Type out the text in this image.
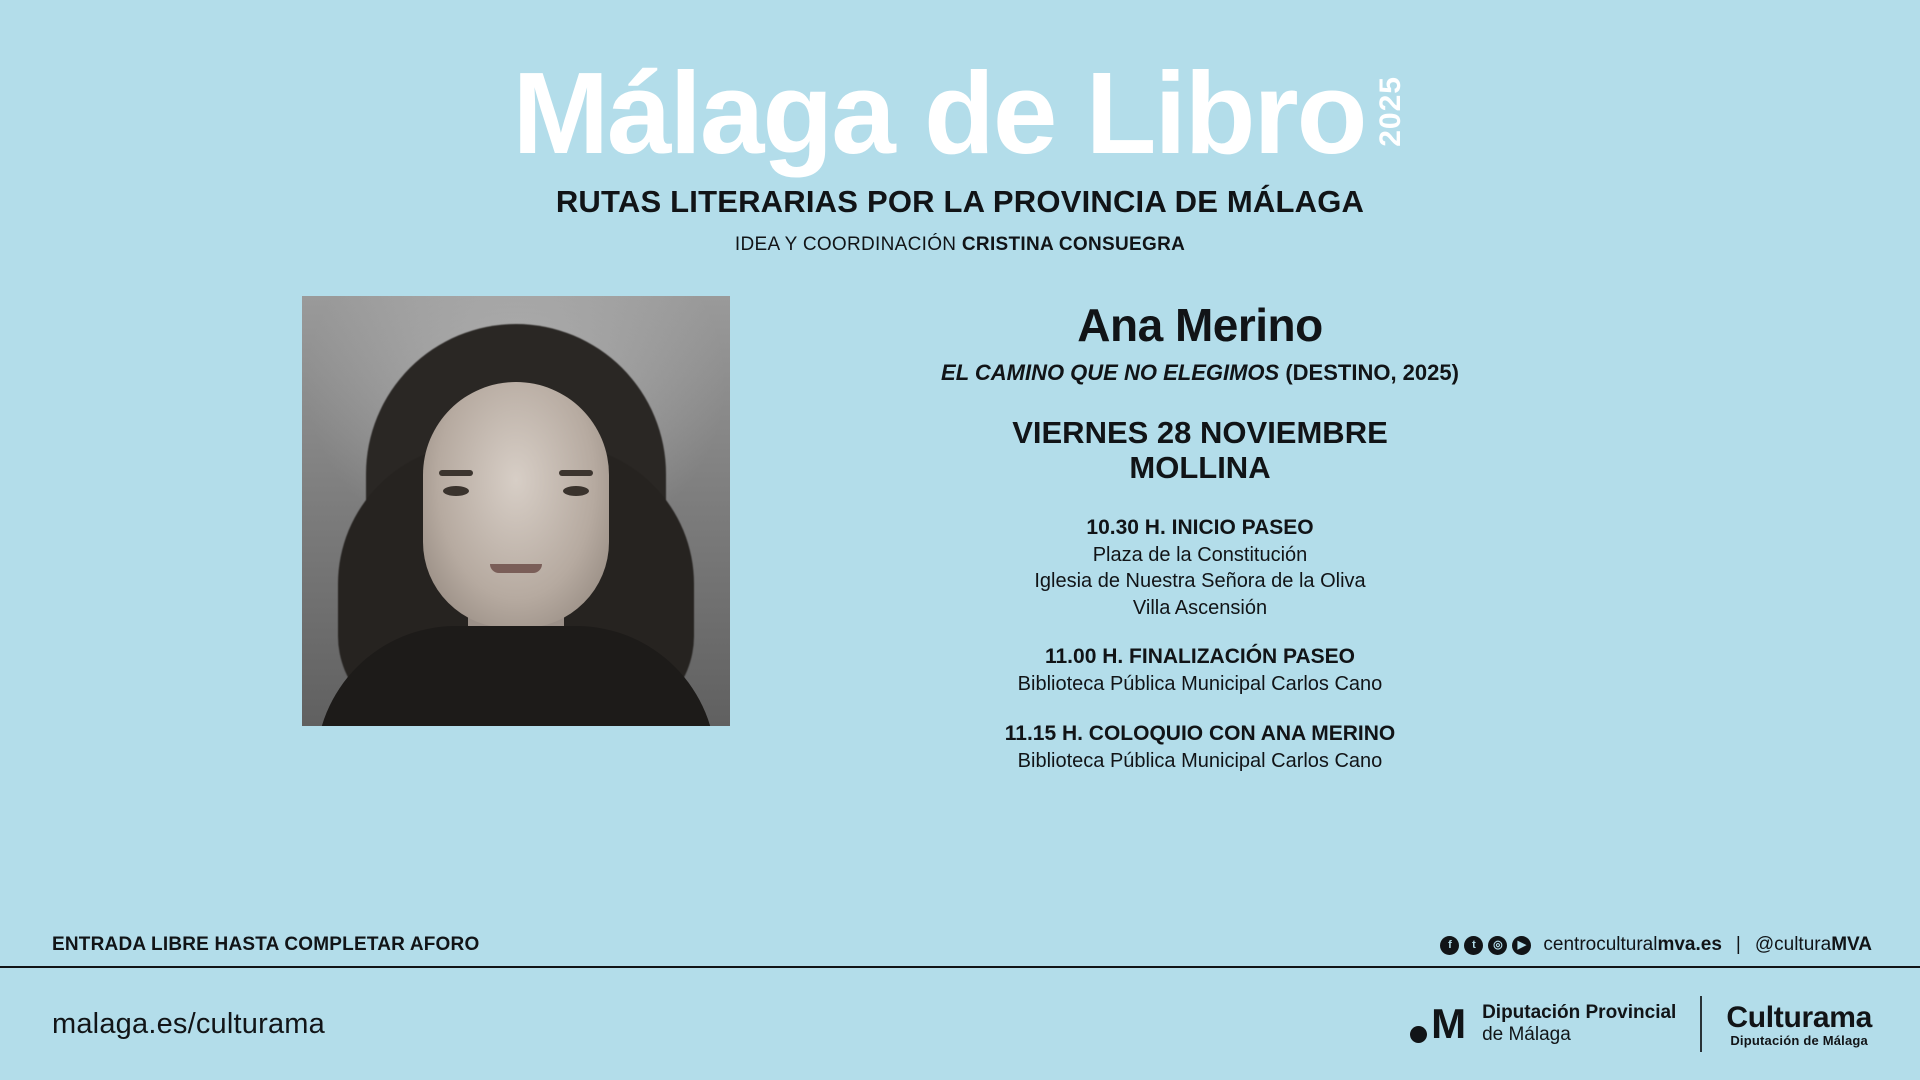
Málaga de Libro 2025
RUTAS LITERARIAS POR LA PROVINCIA DE MÁLAGA
IDEA Y COORDINACIÓN CRISTINA CONSUEGRA
Ana Merino
EL CAMINO QUE NO ELEGIMOS (DESTINO, 2025)
VIERNES 28 NOVIEMBRE
MOLLINA
10.30 H. INICIO PASEO
Plaza de la Constitución
Iglesia de Nuestra Señora de la Oliva
Villa Ascensión
11.00 H. FINALIZACIÓN PASEO
Biblioteca Pública Municipal Carlos Cano
11.15 H. COLOQUIO CON ANA MERINO
Biblioteca Pública Municipal Carlos Cano
ENTRADA LIBRE HASTA COMPLETAR AFORO	f	t	◎	▶ centroculturalmva.es | @culturaMVA
malaga.es/culturama	M Diputación Provincial
de Málaga
Culturama
Diputación de Málaga
